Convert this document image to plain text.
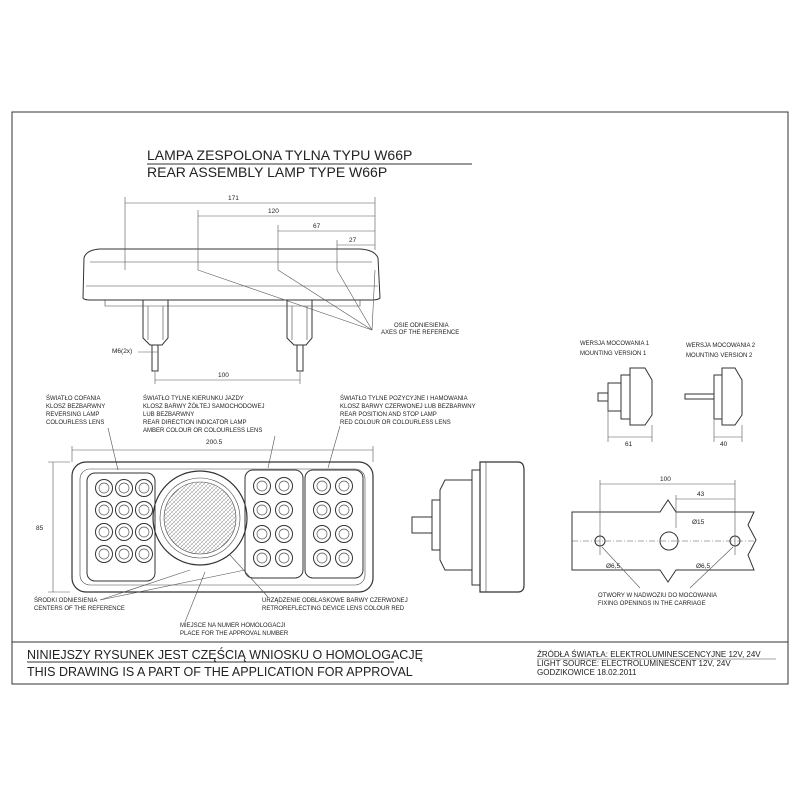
LAMPA ZESPOLONA TYLNA TYPU W66P
REAR ASSEMBLY LAMP TYPE W66P
171
120
67
27
M6(2x)
100
OSIE ODNIESIENIA
AXES OF THE REFERENCE
WERSJA MOCOWANIA 1
MOUNTING VERSION 1
WERSJA MOCOWANIA 2
MOUNTING VERSION 2
61	40
ŚWIATŁO COFANIA
KLOSZ BEZBARWNY
REVERSING LAMP
COLOURLESS LENS
ŚWIATŁO TYLNE KIERUNKU JAZDY
KLOSZ BARWY ŻÓŁTEJ SAMOCHODOWEJ
LUB BEZBARWNY
REAR DIRECTION INDICATOR LAMP
AMBER COLOUR OR COLOURLESS LENS
ŚWIATŁO TYLNE POZYCYJNE I HAMOWANIA
KLOSZ BARWY CZERWONEJ LUB BEZBARWNY
REAR POSITION AND STOP LAMP
RED COLOUR OR COLOURLESS LENS
200.5
85
ŚRODKI ODNIESIENIA
CENTERS OF THE REFERENCE
MIEJSCE NA NUMER HOMOLOGACJI
PLACE FOR THE APPROVAL NUMBER
URZĄDZENIE ODBLASKOWE BARWY CZERWONEJ
RETROREFLECTING DEVICE LENS COLOUR RED
100
43
Ø15
Ø6,5	Ø6,5
OTWORY W NADWOZIU DO MOCOWANIA
FIXING OPENINGS IN THE CARRIAGE
NINIEJSZY RYSUNEK JEST CZĘŚCIĄ WNIOSKU O HOMOLOGACJĘ
THIS DRAWING IS A PART OF THE APPLICATION FOR APPROVAL
ŹRÓDŁA ŚWIATŁA: ELEKTROLUMINESCENCYJNE 12V, 24V
LIGHT SOURCE: ELECTROLUMINESCENT 12V, 24V
GODZIKOWICE 18.02.2011
